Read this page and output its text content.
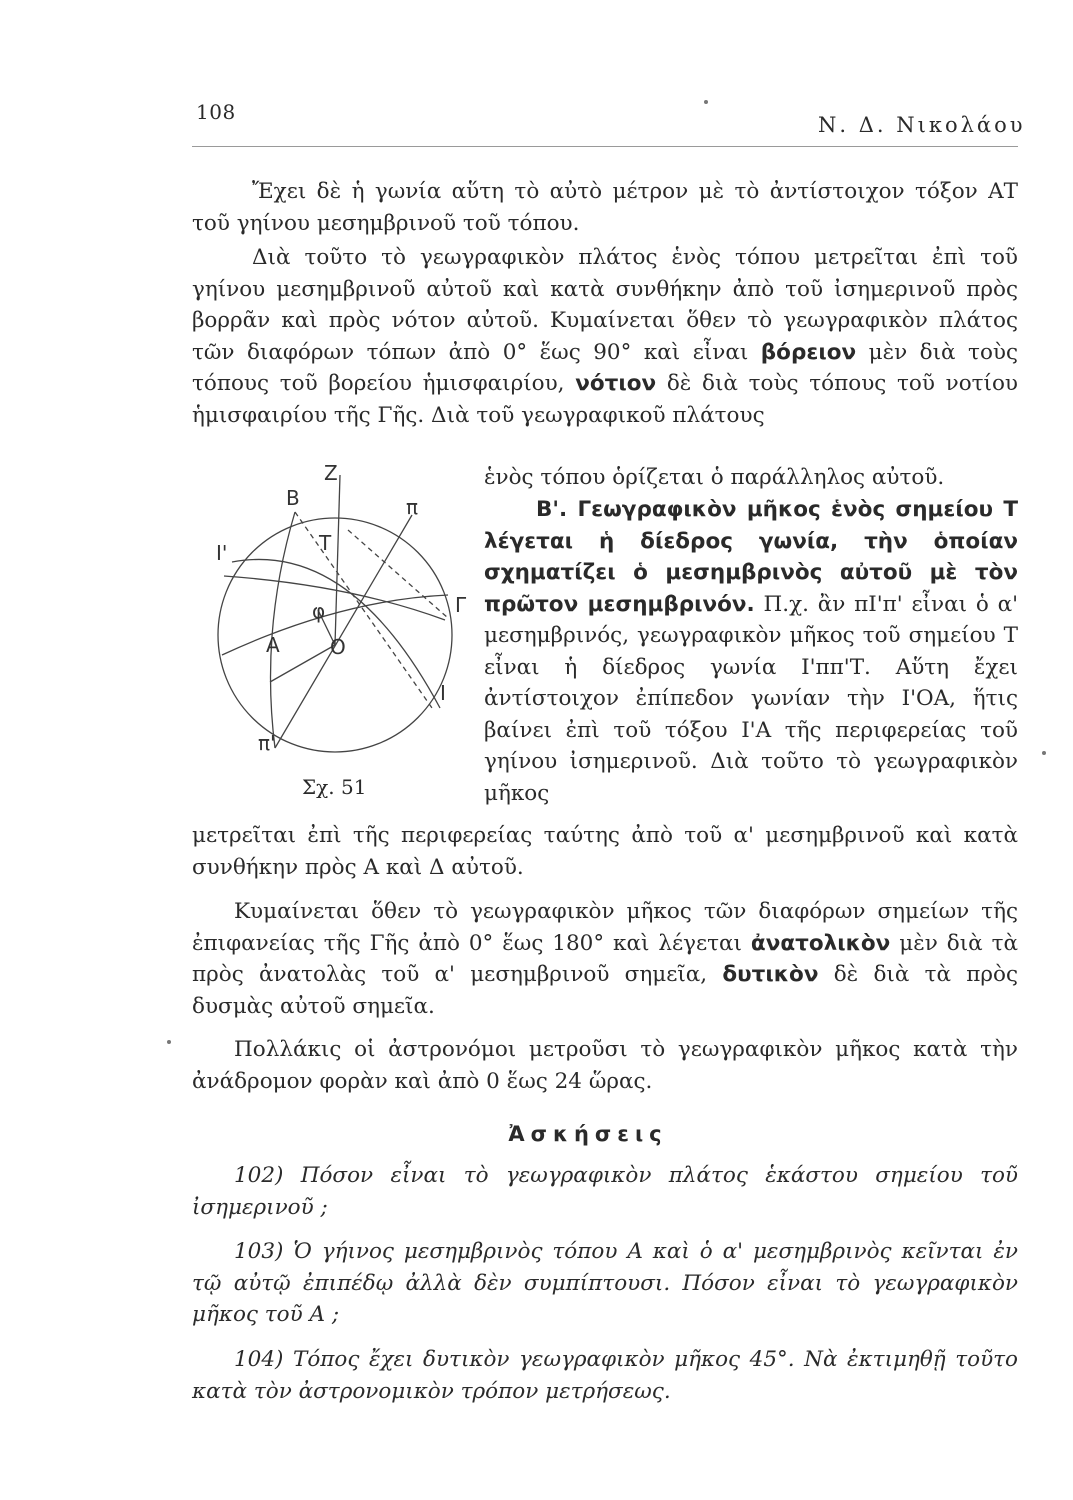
108
Ν. Δ. Νικολάου

Ἔχει δὲ ἡ γωνία αὕτη τὸ αὐτὸ μέτρον μὲ τὸ ἀντίστοιχον τόξον ΑΤ τοῦ γηίνου μεσημβρινοῦ τοῦ τόπου.

Διὰ τοῦτο τὸ γεωγραφικὸν πλάτος ἑνὸς τόπου μετρεῖται ἐπὶ τοῦ γηίνου μεσημβρινοῦ αὐτοῦ καὶ κατὰ συνθήκην ἀπὸ τοῦ ἰσημερινοῦ πρὸς βορρᾶν καὶ πρὸς νότον αὐτοῦ. Κυμαίνεται ὅθεν τὸ γεωγραφικὸν πλάτος τῶν διαφόρων τόπων ἀπὸ 0° ἕως 90° καὶ εἶναι βόρειον μὲν διὰ τοὺς τόπους τοῦ βορείου ἡμισφαιρίου, νότιον δὲ διὰ τοὺς τόπους τοῦ νοτίου ἡμισφαιρίου τῆς Γῆς. Διὰ τοῦ γεωγραφικοῦ πλάτους

ἑνὸς τόπου ὁρίζεται ὁ παράλληλος αὐτοῦ.

Β'. Γεωγραφικὸν μῆκος ἑνὸς σημείου Τ λέγεται ἡ δίεδρος γωνία, τὴν ὁποίαν σχηματίζει ὁ μεσημβρινὸς αὐτοῦ μὲ τὸν πρῶτον μεσημβρινόν. Π.χ. ἂν πΙ'π' εἶναι ὁ α' μεσημβρινός, γεωγραφικὸν μῆκος τοῦ σημείου Τ εἶναι ἡ δίεδρος γωνία Ι'ππ'Τ. Αὕτη ἔχει ἀντίστοιχον ἐπίπεδον γωνίαν τὴν Ι'ΟΑ, ἥτις βαίνει ἐπὶ τοῦ τόξου Ι'Α τῆς περιφερείας τοῦ γηίνου ἰσημερινοῦ. Διὰ τοῦτο τὸ γεωγραφικὸν μῆκος

μετρεῖται ἐπὶ τῆς περιφερείας ταύτης ἀπὸ τοῦ α' μεσημβρινοῦ καὶ κατὰ συνθήκην πρὸς Α καὶ Δ αὐτοῦ.

Κυμαίνεται ὅθεν τὸ γεωγραφικὸν μῆκος τῶν διαφόρων σημείων τῆς ἐπιφανείας τῆς Γῆς ἀπὸ 0° ἕως 180° καὶ λέγεται ἀνατολικὸν μὲν διὰ τὰ πρὸς ἀνατολὰς τοῦ α' μεσημβρινοῦ σημεῖα, δυτικὸν δὲ διὰ τὰ πρὸς δυσμὰς αὐτοῦ σημεῖα.

Πολλάκις οἱ ἀστρονόμοι μετροῦσι τὸ γεωγραφικὸν μῆκος κατὰ τὴν ἀνάδρομον φορὰν καὶ ἀπὸ 0 ἕως 24 ὥρας.

Z
B	π
Ι'	T
Γ
φ
A	O
I
π'
Σχ. 51
Ἀσκήσεις

102) Πόσον εἶναι τὸ γεωγραφικὸν πλάτος ἑκάστου σημείου τοῦ ἰσημερινοῦ ;

103) Ὁ γήινος μεσημβρινὸς τόπου Α καὶ ὁ α' μεσημβρινὸς κεῖνται ἐν τῷ αὐτῷ ἐπιπέδῳ ἀλλὰ δὲν συμπίπτουσι. Πόσον εἶναι τὸ γεωγραφικὸν μῆκος τοῦ Α ;

104) Τόπος ἔχει δυτικὸν γεωγραφικὸν μῆκος 45°. Νὰ ἐκτιμηθῇ τοῦτο κατὰ τὸν ἀστρονομικὸν τρόπον μετρήσεως.
